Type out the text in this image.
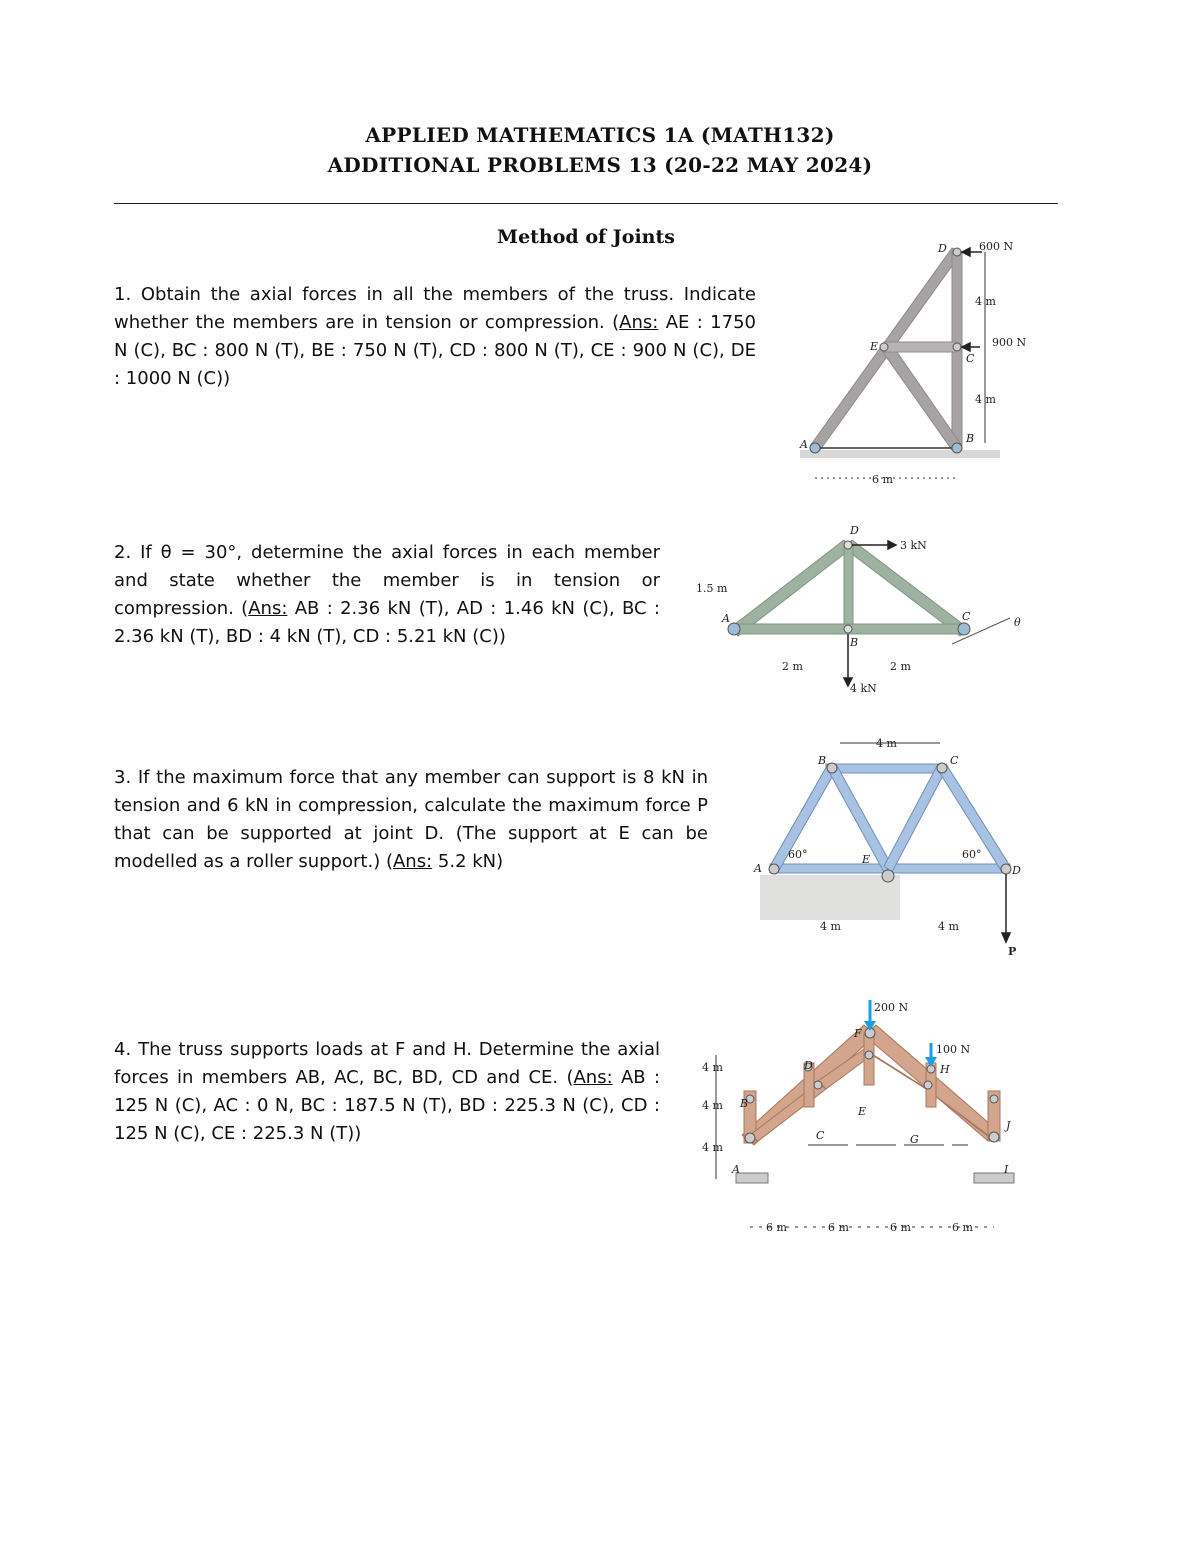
APPLIED MATHEMATICS 1A (MATH132)
ADDITIONAL PROBLEMS 13 (20-22 MAY 2024)
Method of Joints
1. Obtain the axial forces in all the members of the truss. Indicate whether the members are in tension or compression. (Ans: AE : 1750 N (C), BC : 800 N (T), BE : 750 N (T), CD : 800 N (T), CE : 900 N (C), DE : 1000 N (C))
2. If θ = 30°, determine the axial forces in each member and state whether the member is in tension or compression. (Ans: AB : 2.36 kN (T), AD : 1.46 kN (C), BC : 2.36 kN (T), BD : 4 kN (T), CD : 5.21 kN (C))
3. If the maximum force that any member can support is 8 kN in tension and 6 kN in compression, calculate the maximum force P that can be supported at joint D. (The support at E can be modelled as a roller support.) (Ans: 5.2 kN)
4. The truss supports loads at F and H. Determine the axial forces in members AB, AC, BC, BD, CD and CE. (Ans: AB : 125 N (C), AC : 0 N, BC : 187.5 N (T), BD : 225.3 N (C), CD : 125 N (C), CE : 225.3 N (T))
A	B
C
D
E
600 N
900 N
4 m
4 m
6 m
A
B
C
D
θ
3 kN
4 kN
1.5 m
2 m	2 m
A
B	C
D
E
P
4 m
4 m	4 m
60°	60°
A
B
C
D
E
F
G
H
I
J
200 N
100 N
4 m
4 m
4 m
6 m	6 m	6 m	6 m
